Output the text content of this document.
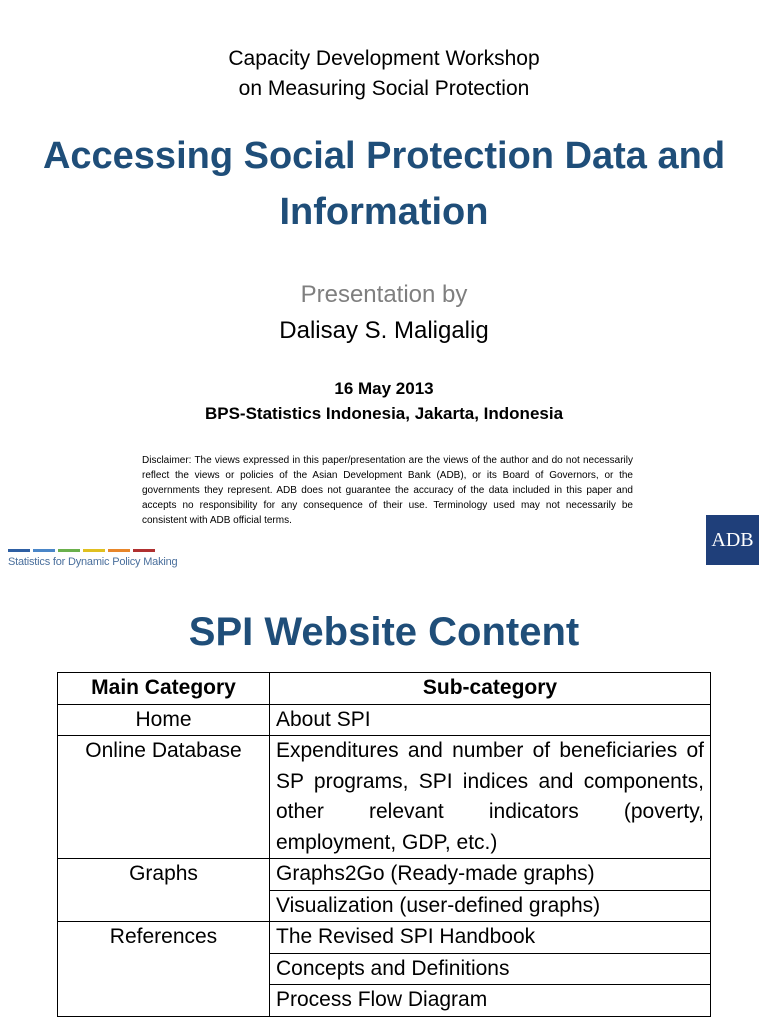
Capacity Development Workshop
on Measuring Social Protection
Accessing Social Protection Data and Information
Presentation by
Dalisay S. Maligalig
16 May 2013
BPS-Statistics Indonesia, Jakarta, Indonesia
Disclaimer: The views expressed in this paper/presentation are the views of the author and do not necessarily reflect the views or policies of the Asian Development Bank (ADB), or its Board of Governors, or the governments they represent. ADB does not guarantee the accuracy of the data included in this paper and accepts no responsibility for any consequence of their use. Terminology used may not necessarily be consistent with ADB official terms.
Statistics for Dynamic Policy Making
ADB
SPI Website Content
Main Category	Sub-category
Home	About SPI
Online Database	Expenditures and number of beneficiaries of SP programs, SPI indices and components, other relevant indicators (poverty, employment, GDP, etc.)
Graphs	Graphs2Go (Ready-made graphs)
	Visualization (user-defined graphs)
References	The Revised SPI Handbook
	Concepts and Definitions
	Process Flow Diagram
